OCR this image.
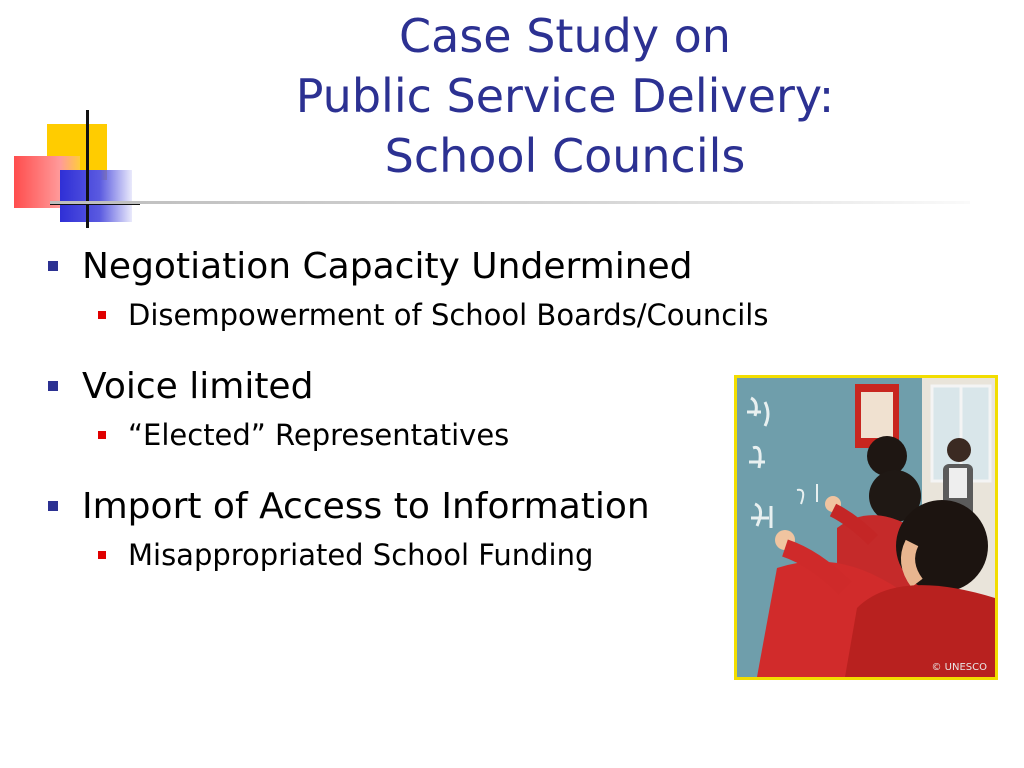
Case Study on
Public Service Delivery:
School Councils
Negotiation Capacity Undermined
Disempowerment of School Boards/Councils
Voice limited
“Elected” Representatives
Import of Access to Information
Misappropriated School Funding
© UNESCO
